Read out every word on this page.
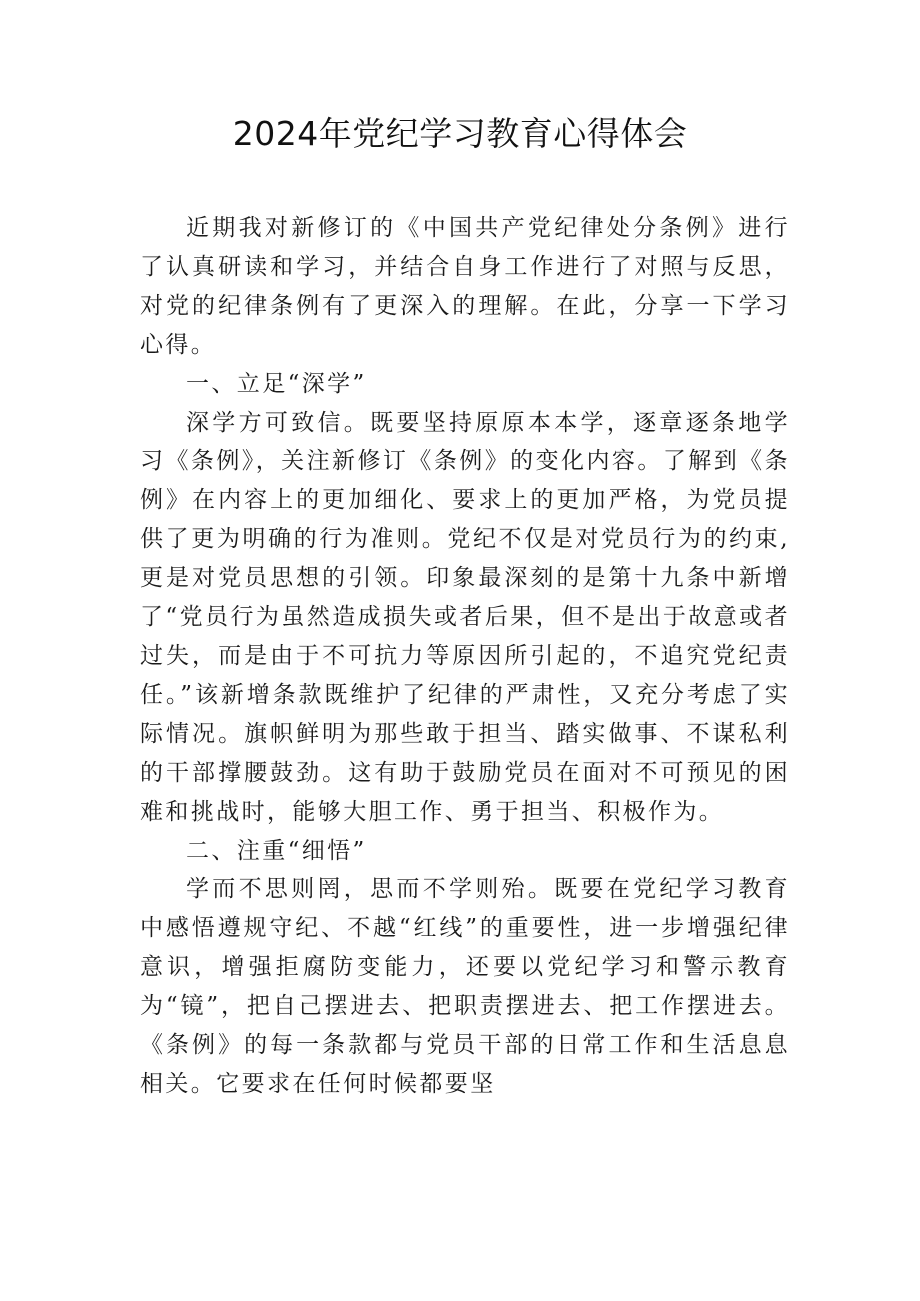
2024年党纪学习教育心得体会

近期我对新修订的《中国共产党纪律处分条例》进行了认真研读和学习，并结合自身工作进行了对照与反思，对党的纪律条例有了更深入的理解。在此，分享一下学习心得。

一、立足“深学”

深学方可致信。既要坚持原原本本学，逐章逐条地学习《条例》，关注新修订《条例》的变化内容。了解到《条例》在内容上的更加细化、要求上的更加严格，为党员提供了更为明确的行为准则。党纪不仅是对党员行为的约束,更是对党员思想的引领。印象最深刻的是第十九条中新增了“党员行为虽然造成损失或者后果，但不是出于故意或者过失，而是由于不可抗力等原因所引起的，不追究党纪责任。”该新增条款既维护了纪律的严肃性，又充分考虑了实际情况。旗帜鲜明为那些敢于担当、踏实做事、不谋私利的干部撑腰鼓劲。这有助于鼓励党员在面对不可预见的困难和挑战时，能够大胆工作、勇于担当、积极作为。

二、注重“细悟”

学而不思则罔，思而不学则殆。既要在党纪学习教育中感悟遵规守纪、不越“红线”的重要性，进一步增强纪律意识，增强拒腐防变能力，还要以党纪学习和警示教育为“镜”，把自己摆进去、把职责摆进去、把工作摆进去。《条例》的每一条款都与党员干部的日常工作和生活息息相关。它要求在任何时候都要坚
